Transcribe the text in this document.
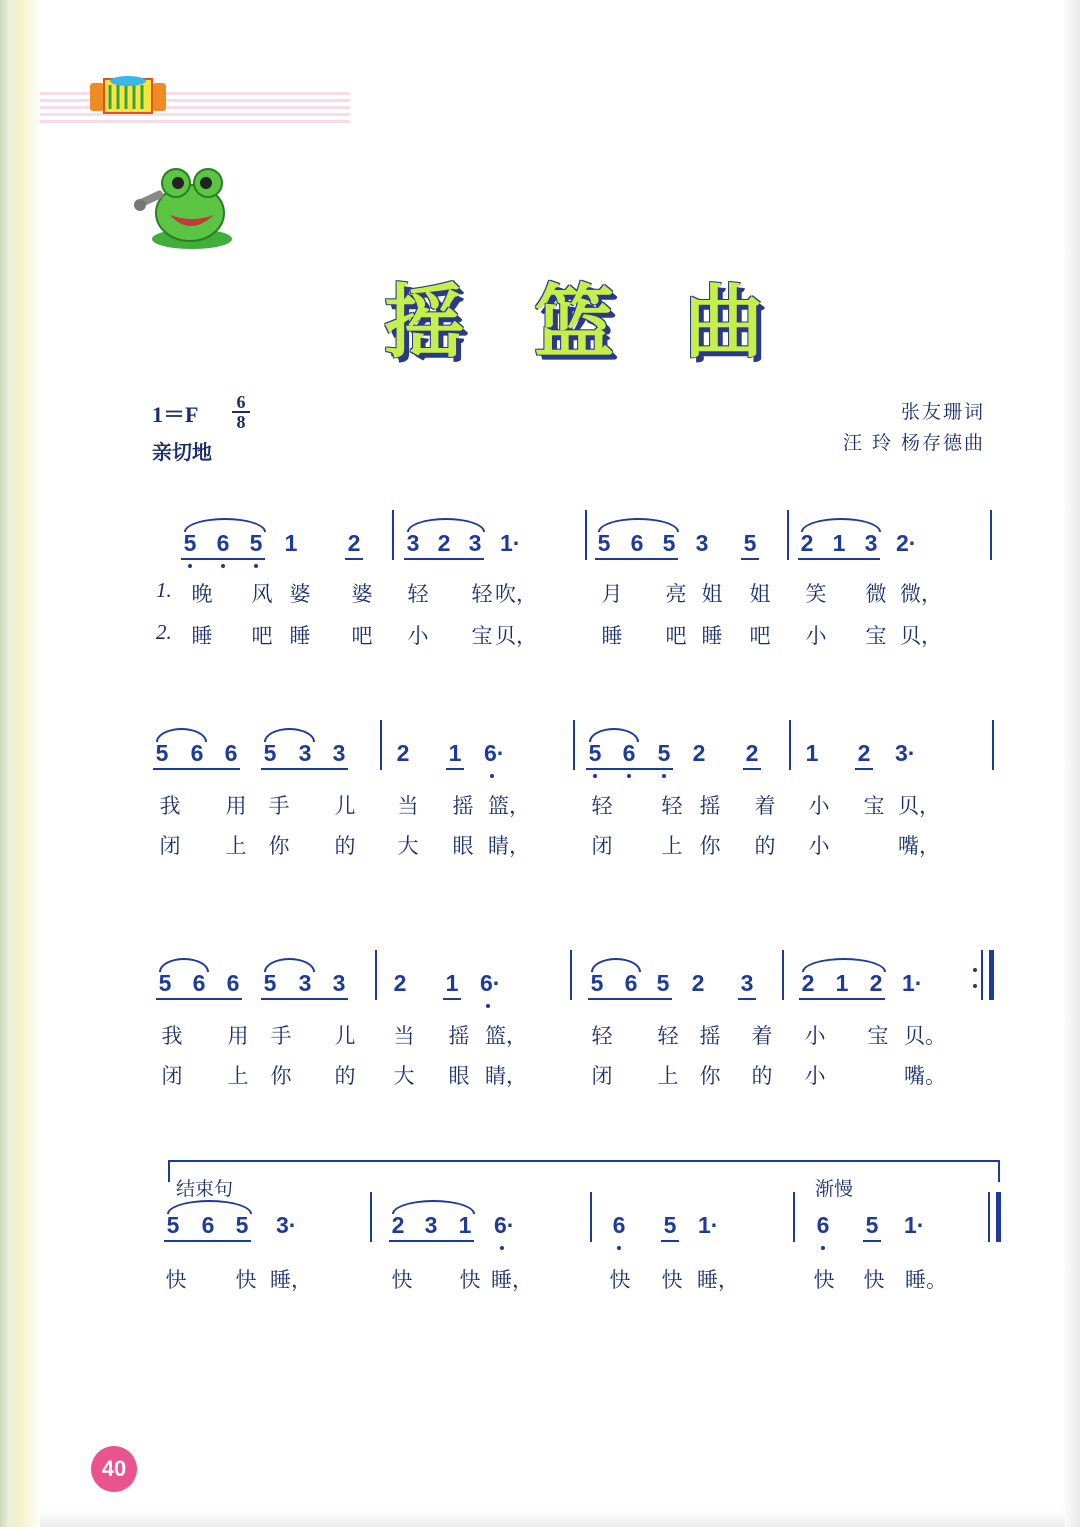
摇 篮 曲
1＝F 6
8
亲切地
张友珊词
汪 玲 杨存德曲
5 6 5 1 2 3 2 3 1·	5 6 5 3 5 2 1 3 2·
晚 风 婆 婆 轻 轻 吹，	月 亮 姐 姐 笑 微 微，
睡 吧 睡 吧 小 宝 贝，	睡 吧 睡 吧 小 宝 贝，
1.
2.
5 6 6 5 3 3 2 1 6·	5 6 5 2 2 1 2 3·
我 用 手 儿 当 摇 篮，	轻 轻 摇 着 小 宝 贝，
闭 上 你 的 大 眼 睛，	闭 上 你 的 小	嘴，
5 6 6 5 3 3 2 1 6·	5 6 5 2 3 2 1 2 1·
我 用 手 儿 当 摇 篮，	轻 轻 摇 着 小 宝 贝。
闭 上 你 的 大 眼 睛，	闭 上 你 的 小	嘴。
5 6 5 3·	2 3 1 6·	6 5 1·	6 5 1·
快 快 睡，	快 快 睡，	快 快 睡，	快 快 睡。
结束句	渐慢
40
